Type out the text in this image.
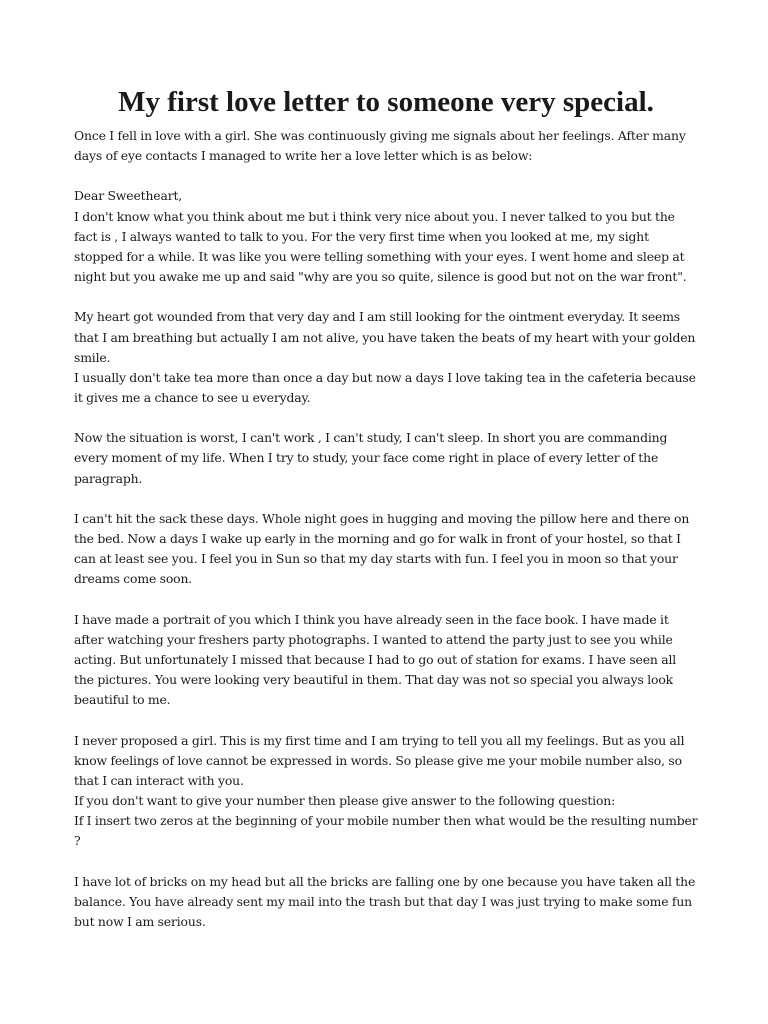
My first love letter to someone very special.

Once I fell in love with a girl. She was continuously giving me signals about her feelings. After many days of eye contacts I managed to write her a love letter which is as below:

Dear Sweetheart,

I don't know what you think about me but i think very nice about you. I never talked to you but the fact is , I always wanted to talk to you. For the very first time when you looked at me, my sight stopped for a while. It was like you were telling something with your eyes. I went home and sleep at night but you awake me up and said "why are you so quite, silence is good but not on the war front".

My heart got wounded from that very day and I am still looking for the ointment everyday. It seems that I am breathing but actually I am not alive, you have taken the beats of my heart with your golden smile.

I usually don't take tea more than once a day but now a days I love taking tea in the cafeteria because it gives me a chance to see u everyday.

Now the situation is worst, I can't work , I can't study, I can't sleep. In short you are commanding every moment of my life. When I try to study, your face come right in place of every letter of the paragraph.

I can't hit the sack these days. Whole night goes in hugging and moving the pillow here and there on the bed. Now a days I wake up early in the morning and go for walk in front of your hostel, so that I can at least see you. I feel you in Sun so that my day starts with fun. I feel you in moon so that your dreams come soon.

I have made a portrait of you which I think you have already seen in the face book. I have made it after watching your freshers party photographs. I wanted to attend the party just to see you while acting. But unfortunately I missed that because I had to go out of station for exams. I have seen all the pictures. You were looking very beautiful in them. That day was not so special you always look beautiful to me.

I never proposed a girl. This is my first time and I am trying to tell you all my feelings. But as you all know feelings of love cannot be expressed in words. So please give me your mobile number also, so that I can interact with you.

If you don't want to give your number then please give answer to the following question:

If I insert two zeros at the beginning of your mobile number then what would be the resulting number ?

I have lot of bricks on my head but all the bricks are falling one by one because you have taken all the balance. You have already sent my mail into the trash but that day I was just trying to make some fun but now I am serious.
